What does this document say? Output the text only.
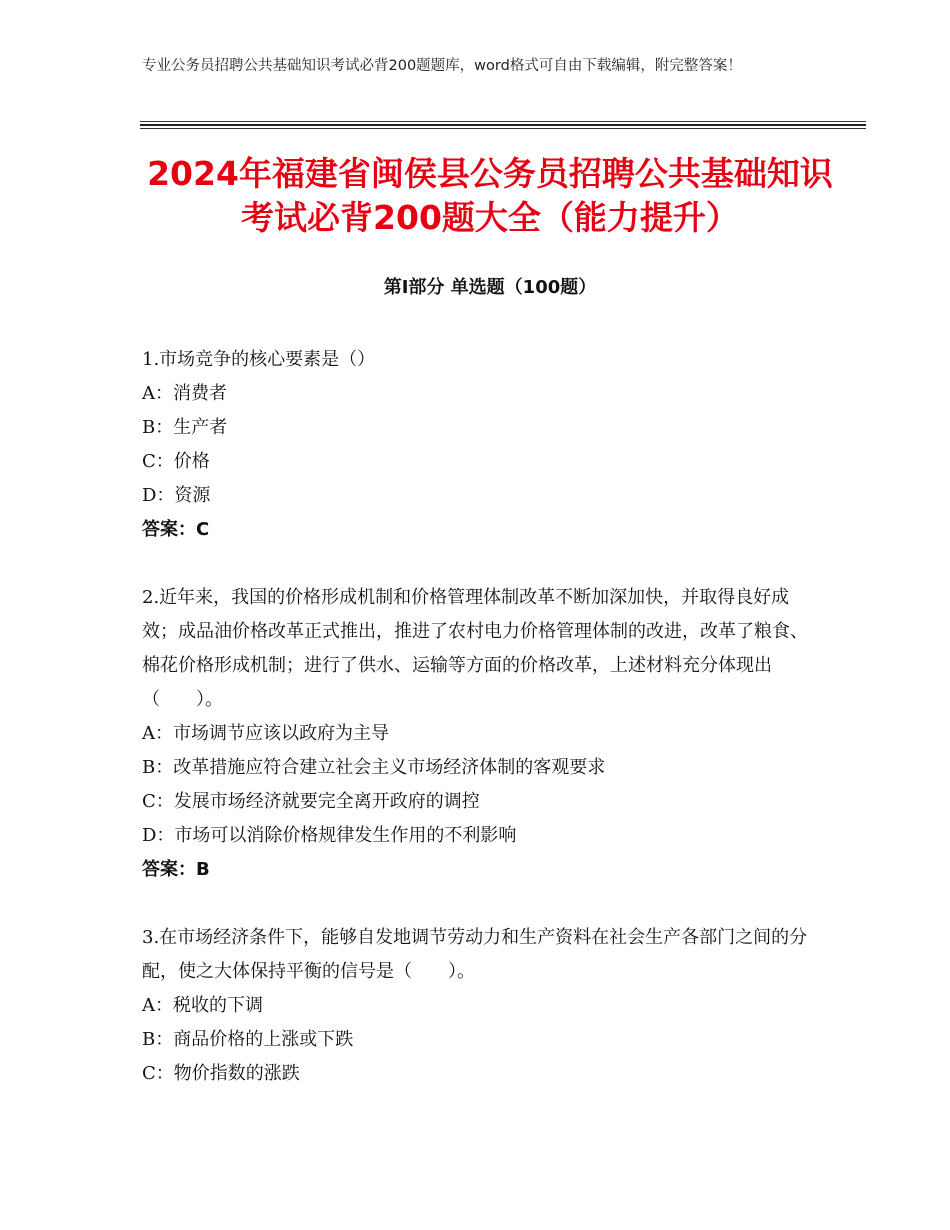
专业公务员招聘公共基础知识考试必背200题题库，word格式可自由下载编辑，附完整答案！
2024年福建省闽侯县公务员招聘公共基础知识考试必背200题大全（能力提升）
第Ⅰ部分 单选题（100题）

1.市场竞争的核心要素是（）

A：消费者

B：生产者

C：价格

D：资源

答案：C

2.近年来，我国的价格形成机制和价格管理体制改革不断加深加快，并取得良好成效；成品油价格改革正式推出，推进了农村电力价格管理体制的改进，改革了粮食、棉花价格形成机制；进行了供水、运输等方面的价格改革，上述材料充分体现出（　　）。

A：市场调节应该以政府为主导

B：改革措施应符合建立社会主义市场经济体制的客观要求

C：发展市场经济就要完全离开政府的调控

D：市场可以消除价格规律发生作用的不利影响

答案：B

3.在市场经济条件下，能够自发地调节劳动力和生产资料在社会生产各部门之间的分配，使之大体保持平衡的信号是（　　）。

A：税收的下调

B：商品价格的上涨或下跌

C：物价指数的涨跌
